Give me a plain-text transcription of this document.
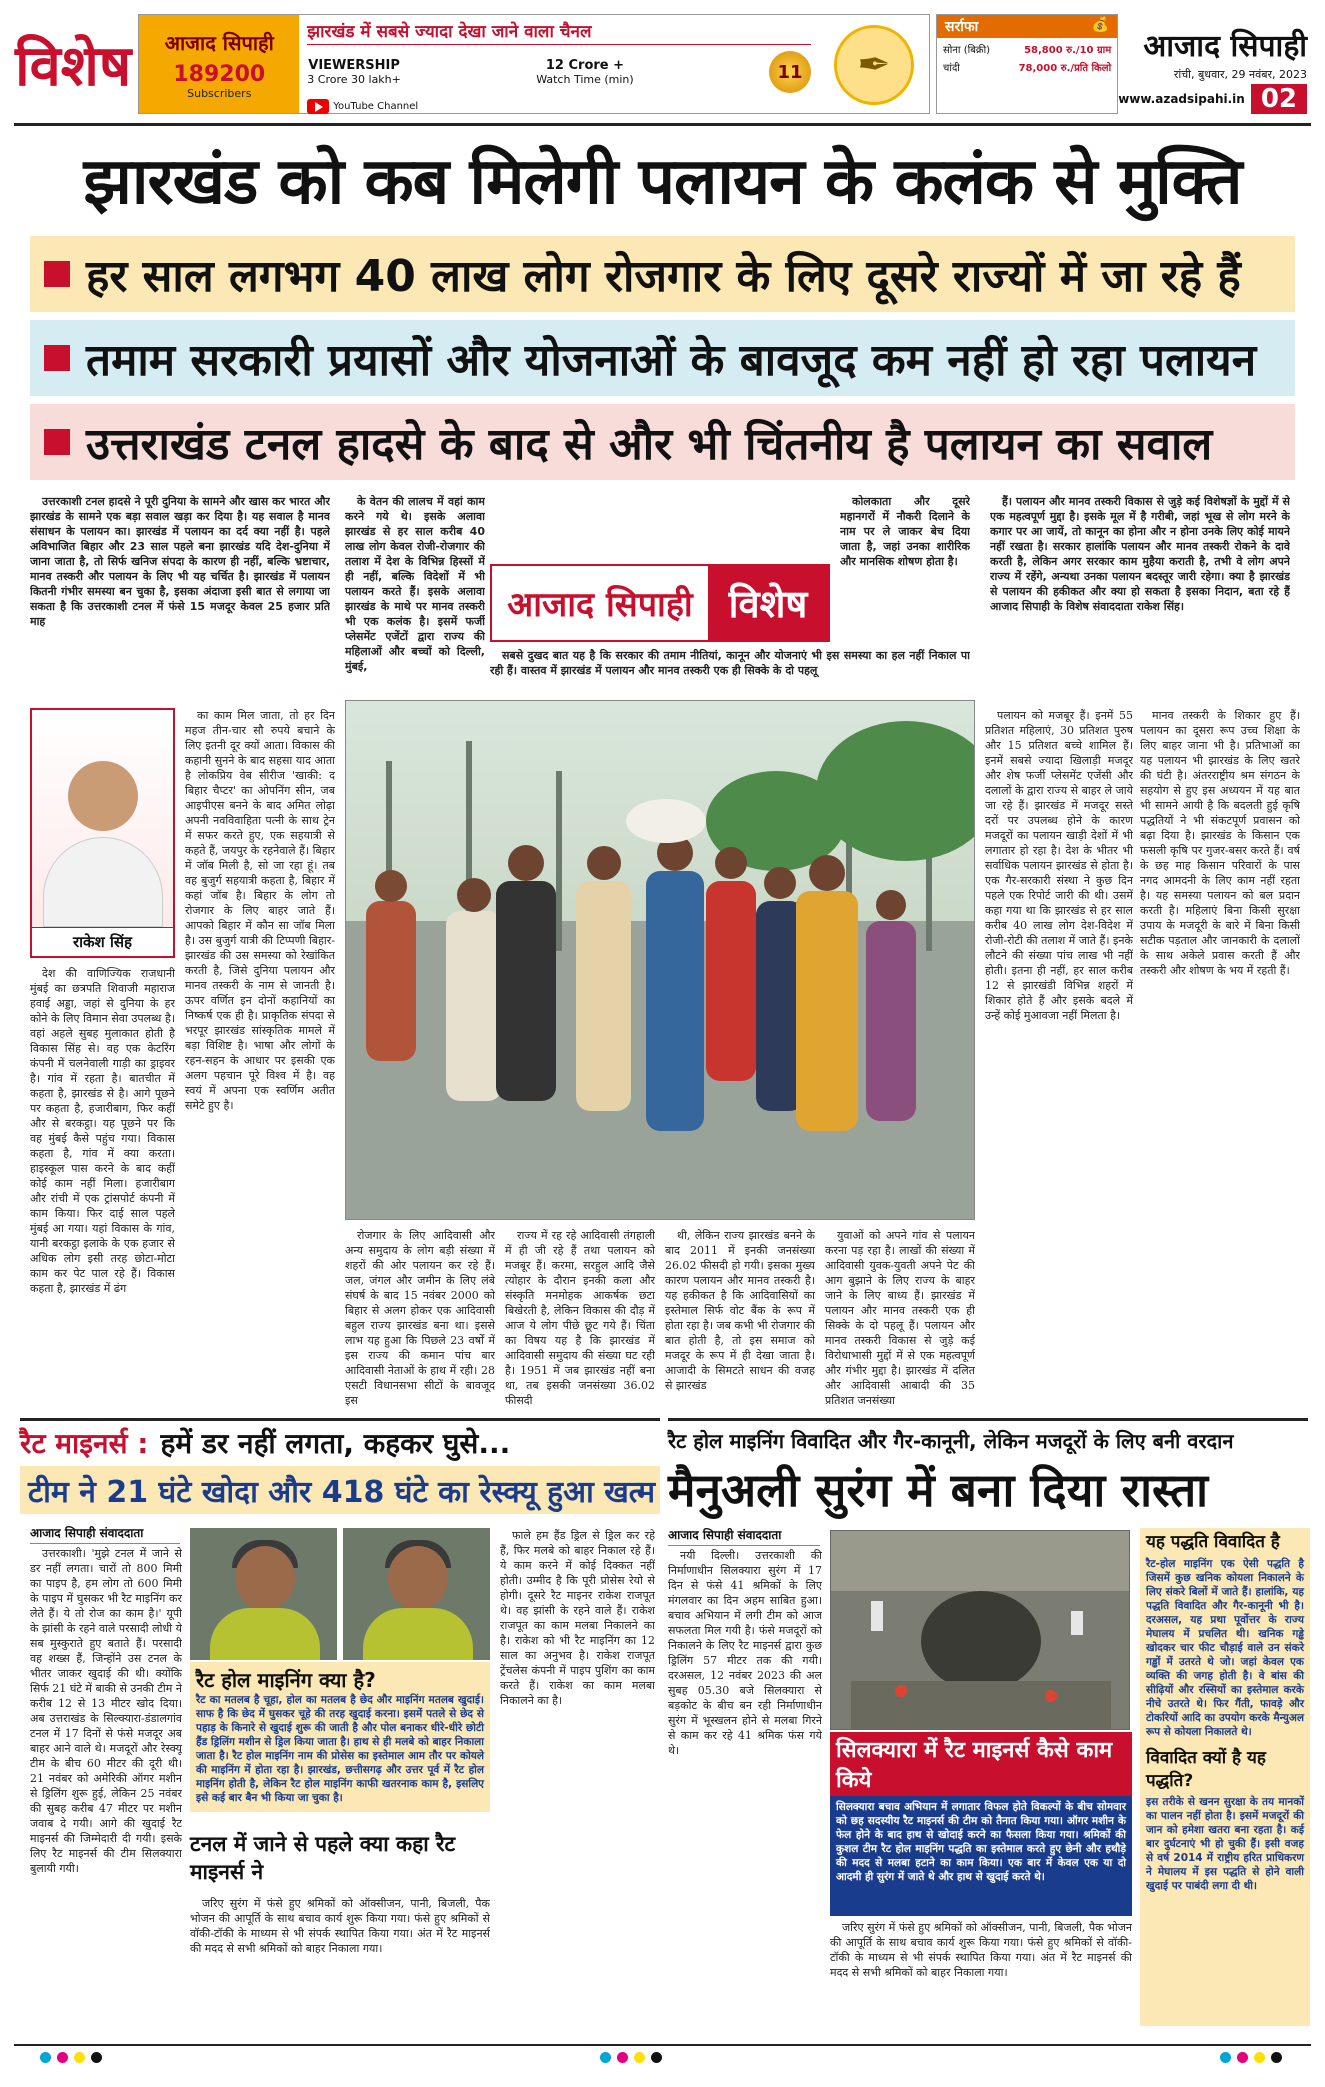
विशेष आजाद सिपाही
189200
Subscribers
झारखंड में सबसे ज्यादा देखा जाने वाला चैनल
VIEWERSHIP
3 Crore 30 lakh+
12 Crore +
Watch Time (min)	11
YouTube Channel
✒
सर्राफा	💰
सोना (बिक्री)	58,800 रु./10 ग्राम
चांदी	78,000 रु./प्रति किलो
आजाद सिपाही
रांची, बुधवार, 29 नवंबर, 2023
www.azadsipahi.in 02
झारखंड को कब मिलेगी पलायन के कलंक से मुक्ति
हर साल लगभग 40 लाख लोग रोजगार के लिए दूसरे राज्यों में जा रहे हैं
तमाम सरकारी प्रयासों और योजनाओं के बावजूद कम नहीं हो रहा पलायन
उत्तराखंड टनल हादसे के बाद से और भी चिंतनीय है पलायन का सवाल

उत्तरकाशी टनल हादसे ने पूरी दुनिया के सामने और खास कर भारत और झारखंड के सामने एक बड़ा सवाल खड़ा कर दिया है। यह सवाल है मानव संसाधन के पलायन का। झारखंड में पलायन का दर्द क्या नहीं है। पहले अविभाजित बिहार और 23 साल पहले बना झारखंड यदि देश-दुनिया में जाना जाता है, तो सिर्फ खनिज संपदा के कारण ही नहीं, बल्कि भ्रष्टाचार, मानव तस्करी और पलायन के लिए भी यह चर्चित है। झारखंड में पलायन कितनी गंभीर समस्या बन चुका है, इसका अंदाजा इसी बात से लगाया जा सकता है कि उत्तरकाशी टनल में फंसे 15 मजदूर केवल 25 हजार प्रति माह

के वेतन की लालच में वहां काम करने गये थे। इसके अलावा झारखंड से हर साल करीब 40 लाख लोग केवल रोजी-रोजगार की तलाश में देश के विभिन्न हिस्सों में ही नहीं, बल्कि विदेशों में भी पलायन करते हैं। इसके अलावा झारखंड के माथे पर मानव तस्करी भी एक कलंक है। इसमें फर्जी प्लेसमेंट एजेंटों द्वारा राज्य की महिलाओं और बच्चों को दिल्ली, मुंबई,

सबसे दुखद बात यह है कि सरकार की तमाम नीतियां, कानून और योजनाएं भी इस समस्या का हल नहीं निकाल पा रही हैं। वास्तव में झारखंड में पलायन और मानव तस्करी एक ही सिक्के के दो पहलू

कोलकाता और दूसरे महानगरों में नौकरी दिलाने के नाम पर ले जाकर बेच दिया जाता है, जहां उनका शारीरिक और मानसिक शोषण होता है।

हैं। पलायन और मानव तस्करी विकास से जुड़े कई विशेषज्ञों के मुद्दों में से एक महत्वपूर्ण मुद्दा है। इसके मूल में है गरीबी, जहां भूख से लोग मरने के कगार पर आ जायें, तो कानून का होना और न होना उनके लिए कोई मायने नहीं रखता है। सरकार हालांकि पलायन और मानव तस्करी रोकने के दावे करती है, लेकिन अगर सरकार काम मुहैया कराती है, तभी वे लोग अपने राज्य में रहेंगे, अन्यथा उनका पलायन बदस्तूर जारी रहेगा। क्या है झारखंड से पलायन की हकीकत और क्या हो सकता है इसका निदान, बता रहे हैं आजाद सिपाही के विशेष संवाददाता राकेश सिंह।

आजाद सिपाही विशेष
राकेश सिंह

देश की वाणिज्यिक राजधानी मुंबई का छत्रपति शिवाजी महाराज हवाई अड्डा, जहां से दुनिया के हर कोने के लिए विमान सेवा उपलब्ध है। वहां अहले सुबह मुलाकात होती है विकास सिंह से। वह एक केटरिंग कंपनी में चलनेवाली गाड़ी का ड्राइवर है। गांव में रहता है। बातचीत में कहता है, झारखंड से है। आगे पूछने पर कहता है, हजारीबाग, फिर कहीं और से बरकट्ठा। यह पूछने पर कि वह मुंबई कैसे पहुंच गया। विकास कहता है, गांव में क्या करता। हाइस्कूल पास करने के बाद कहीं कोई काम नहीं मिला। हजारीबाग और रांची में एक ट्रांसपोर्ट कंपनी में काम किया। फिर दाई साल पहले मुंबई आ गया। यहां विकास के गांव, यानी बरकट्ठा इलाके के एक हजार से अधिक लोग इसी तरह छोटा-मोटा काम कर पेट पाल रहे हैं। विकास कहता है, झारखंड में ढंग

का काम मिल जाता, तो हर दिन महज तीन-चार सौ रुपये बचाने के लिए इतनी दूर क्यों आता। विकास की कहानी सुनने के बाद सहसा याद आता है लोकप्रिय वेब सीरीज 'खाकी: द बिहार चैप्टर' का ओपनिंग सीन, जब आइपीएस बनने के बाद अमित लोढ़ा अपनी नवविवाहिता पत्नी के साथ ट्रेन में सफर करते हुए, एक सहयात्री से कहते हैं, जयपुर के रहनेवाले हैं। बिहार में जॉब मिली है, सो जा रहा हूं। तब वह बुजुर्ग सहयात्री कहता है, बिहार में कहां जॉब है। बिहार के लोग तो रोजगार के लिए बाहर जाते हैं। आपको बिहार में कौन सा जॉब मिला है। उस बुजुर्ग यात्री की टिप्पणी बिहार-झारखंड की उस समस्या को रेखांकित करती है, जिसे दुनिया पलायन और मानव तस्करी के नाम से जानती है। ऊपर वर्णित इन दोनों कहानियों का निष्कर्ष एक ही है। प्राकृतिक संपदा से भरपूर झारखंड सांस्कृतिक मामले में बड़ा विशिष्ट है। भाषा और लोगों के रहन-सहन के आधार पर इसकी एक अलग पहचान पूरे विश्व में है। वह स्वयं में अपना एक स्वर्णिम अतीत समेटे हुए है।

पलायन को मजबूर हैं। इनमें 55 प्रतिशत महिलाएं, 30 प्रतिशत पुरुष और 15 प्रतिशत बच्चे शामिल हैं। इनमें सबसे ज्यादा खिलाड़ी मजदूर और शेष फर्जी प्लेसमेंट एजेंसी और दलालों के द्वारा राज्य से बाहर ले जाये जा रहे हैं। झारखंड में मजदूर सस्ते दरों पर उपलब्ध होने के कारण मजदूरों का पलायन खाड़ी देशों में भी लगातार हो रहा है। देश के भीतर भी सर्वाधिक पलायन झारखंड से होता है। एक गैर-सरकारी संस्था ने कुछ दिन पहले एक रिपोर्ट जारी की थी। उसमें कहा गया था कि झारखंड से हर साल करीब 40 लाख लोग देश-विदेश में रोजी-रोटी की तलाश में जाते हैं। इनके लौटने की संख्या पांच लाख भी नहीं होती। इतना ही नहीं, हर साल करीब 12 से झारखंडी विभिन्न शहरों में शिकार होते हैं और इसके बदले में उन्हें कोई मुआवजा नहीं मिलता है।

मानव तस्करी के शिकार हुए हैं। पलायन का दूसरा रूप उच्च शिक्षा के लिए बाहर जाना भी है। प्रतिभाओं का यह पलायन भी झारखंड के लिए खतरे की घंटी है। अंतरराष्ट्रीय श्रम संगठन के सहयोग से हुए इस अध्ययन में यह बात भी सामने आयी है कि बदलती हुई कृषि पद्धतियों ने भी संकटपूर्ण प्रवासन को बढ़ा दिया है। झारखंड के किसान एक फसली कृषि पर गुजर-बसर करते हैं। वर्ष के छह माह किसान परिवारों के पास नगद आमदनी के लिए काम नहीं रहता है। यह समस्या पलायन को बल प्रदान करती है। महिलाएं बिना किसी सुरक्षा उपाय के मजदूरी के बारे में बिना किसी सटीक पड़ताल और जानकारी के दलालों के साथ अकेले प्रवास करती हैं और तस्करी और शोषण के भय में रहती हैं।

रोजगार के लिए आदिवासी और अन्य समुदाय के लोग बड़ी संख्या में शहरों की ओर पलायन कर रहे हैं। जल, जंगल और जमीन के लिए लंबे संघर्ष के बाद 15 नवंबर 2000 को बिहार से अलग होकर एक आदिवासी बहुल राज्य झारखंड बना था। इससे लाभ यह हुआ कि पिछले 23 वर्षों में इस राज्य की कमान पांच बार आदिवासी नेताओं के हाथ में रही। 28 एसटी विधानसभा सीटों के बावजूद इस

राज्य में रह रहे आदिवासी तंगहाली में ही जी रहे हैं तथा पलायन को मजबूर हैं। करमा, सरहुल आदि जैसे त्योहार के दौरान इनकी कला और संस्कृति मनमोहक आकर्षक छटा बिखेरती है, लेकिन विकास की दौड़ में आज ये लोग पीछे छूट गये हैं। चिंता का विषय यह है कि झारखंड में आदिवासी समुदाय की संख्या घट रही है। 1951 में जब झारखंड नहीं बना था, तब इसकी जनसंख्या 36.02 फीसदी

थी, लेकिन राज्य झारखंड बनने के बाद 2011 में इनकी जनसंख्या 26.02 फीसदी हो गयी। इसका मुख्य कारण पलायन और मानव तस्करी है। यह हकीकत है कि आदिवासियों का इस्तेमाल सिर्फ वोट बैंक के रूप में होता रहा है। जब कभी भी रोजगार की बात होती है, तो इस समाज को मजदूर के रूप में ही देखा जाता है। आजादी के सिमटते साधन की वजह से झारखंड

युवाओं को अपने गांव से पलायन करना पड़ रहा है। लाखों की संख्या में आदिवासी युवक-युवती अपने पेट की आग बुझाने के लिए राज्य के बाहर जाने के लिए बाध्य हैं। झारखंड में पलायन और मानव तस्करी एक ही सिक्के के दो पहलू हैं। पलायन और मानव तस्करी विकास से जुड़े कई विरोधाभासी मुद्दों में से एक महत्वपूर्ण और गंभीर मुद्दा है। झारखंड में दलित और आदिवासी आबादी की 35 प्रतिशत जनसंख्या

रैट माइनर्स : हमें डर नहीं लगता, कहकर घुसे...
टीम ने 21 घंटे खोदा और 418 घंटे का रेस्क्यू हुआ खत्म
रैट होल माइनिंग विवादित और गैर-कानूनी, लेकिन मजदूरों के लिए बनी वरदान
मैनुअली सुरंग में बना दिया रास्ता
आजाद सिपाही संवाददाता

उत्तरकाशी। 'मुझे टनल में जाने से डर नहीं लगता। चारों तो 800 मिमी का पाइप है, हम लोग तो 600 मिमी के पाइप में घुसकर भी रैट माइनिंग कर लेते हैं। ये तो रोज का काम है।' यूपी के झांसी के रहने वाले परसादी लोधी ये सब मुस्कुराते हुए बताते हैं। परसादी वह शख्स हैं, जिन्होंने उस टनल के भीतर जाकर खुदाई की थी। क्योंकि सिर्फ 21 घंटे में बाकी से उनकी टीम ने करीब 12 से 13 मीटर खोद दिया। अब उत्तराखंड के सिल्क्यारा-डंडालगांव टनल में 17 दिनों से फंसे मजदूर अब बाहर आने वाले थे। मजदूरों और रेस्क्यू टीम के बीच 60 मीटर की दूरी थी। 21 नवंबर को अमेरिकी ऑगर मशीन से ड्रिलिंग शुरू हुई, लेकिन 25 नवंबर की सुबह करीब 47 मीटर पर मशीन जवाब दे गयी। आगे की खुदाई रैट माइनर्स की जिम्मेदारी दी गयी। इसके लिए रैट माइनर्स की टीम सिलक्यारा बुलायी गयी।

फाले हम हैंड ड्रिल से ड्रिल कर रहे हैं, फिर मलबे को बाहर निकाल रहे हैं। ये काम करने में कोई दिक्कत नहीं होती। उम्मीद है कि पूरी प्रोसेस रेयो से होगी। दूसरे रैट माइनर राकेश राजपूत थे। वह झांसी के रहने वाले हैं। राकेश राजपूत का काम मलबा निकालने का है। राकेश को भी रैट माइनिंग का 12 साल का अनुभव है। राकेश राजपूत ट्रेंचलेस कंपनी में पाइप पुशिंग का काम करते हैं। राकेश का काम मलबा निकालने का है।

रैट होल माइनिंग क्या है?
रैट का मतलब है चूहा, होल का मतलब है छेद और माइनिंग मतलब खुदाई। साफ है कि छेद में घुसकर चूहे की तरह खुदाई करना। इसमें पतले से छेद से पहाड़ के किनारे से खुदाई शुरू की जाती है और पोल बनाकर धीरे-धीरे छोटी हैंड ड्रिलिंग मशीन से ड्रिल किया जाता है। हाथ से ही मलबे को बाहर निकाला जाता है। रैट होल माइनिंग नाम की प्रोसेस का इस्तेमाल आम तौर पर कोयले की माइनिंग में होता रहा है। झारखंड, छत्तीसगढ़ और उत्तर पूर्व में रैट होल माइनिंग होती है, लेकिन रैट होल माइनिंग काफी खतरनाक काम है, इसलिए इसे कई बार बैन भी किया जा चुका है।
टनल में जाने से पहले क्या कहा रैट माइनर्स ने

जरिए सुरंग में फंसे हुए श्रमिकों को ऑक्सीजन, पानी, बिजली, पैक भोजन की आपूर्ति के साथ बचाव कार्य शुरू किया गया। फंसे हुए श्रमिकों से वॉकी-टॉकी के माध्यम से भी संपर्क स्थापित किया गया। अंत में रैट माइनर्स की मदद से सभी श्रमिकों को बाहर निकाला गया।

आजाद सिपाही संवाददाता

नयी दिल्ली। उत्तरकाशी की निर्माणाधीन सिलक्यारा सुरंग में 17 दिन से फंसे 41 श्रमिकों के लिए मंगलवार का दिन अहम साबित हुआ। बचाव अभियान में लगी टीम को आज सफलता मिल गयी है। फंसे मजदूरों को निकालने के लिए रैट माइनर्स द्वारा कुछ ड्रिलिंग 57 मीटर तक की गयी। दरअसल, 12 नवंबर 2023 की अल सुबह 05.30 बजे सिलक्यारा से बड़कोट के बीच बन रही निर्माणाधीन सुरंग में भूस्खलन होने से मलबा गिरने से काम कर रहे 41 श्रमिक फंस गये थे।	सिलक्यारा में रैट माइनर्स कैसे काम किये
सिलक्यारा बचाव अभियान में लगातार विफल होते विकल्पों के बीच सोमवार को छह सदस्यीय रैट माइनर्स की टीम को तैनात किया गया। ऑगर मशीन के फेल होने के बाद हाथ से खोदाई करने का फैसला किया गया। श्रमिकों की कुशल टीम रैट होल माइनिंग पद्धति का इस्तेमाल करते हुए छेनी और हथौड़े की मदद से मलबा हटाने का काम किया। एक बार में केवल एक या दो आदमी ही सुरंग में जाते थे और हाथ से खुदाई करते थे।

जरिए सुरंग में फंसे हुए श्रमिकों को ऑक्सीजन, पानी, बिजली, पैक भोजन की आपूर्ति के साथ बचाव कार्य शुरू किया गया। फंसे हुए श्रमिकों से वॉकी-टॉकी के माध्यम से भी संपर्क स्थापित किया गया। अंत में रैट माइनर्स की मदद से सभी श्रमिकों को बाहर निकाला गया।

यह पद्धति विवादित है
रैट-होल माइनिंग एक ऐसी पद्धति है जिसमें कुछ खनिक कोयला निकालने के लिए संकरे बिलों में जाते हैं। हालांकि, यह पद्धति विवादित और गैर-कानूनी भी है। दरअसल, यह प्रथा पूर्वोत्तर के राज्य मेघालय में प्रचलित थी। खनिक गड्ढे खोदकर चार फीट चौड़ाई वाले उन संकरे गड्ढों में उतरते थे जो। जहां केवल एक व्यक्ति की जगह होती है। वे बांस की सीढ़ियों और रस्सियों का इस्तेमाल करके नीचे उतरते थे। फिर गैंती, फावड़े और टोकरियों आदि का उपयोग करके मैन्युअल रूप से कोयला निकालते थे।
विवादित क्यों है यह पद्धति?
इस तरीके से खनन सुरक्षा के तय मानकों का पालन नहीं होता है। इसमें मजदूरों की जान को हमेशा खतरा बना रहता है। कई बार दुर्घटनाएं भी हो चुकी हैं। इसी वजह से वर्ष 2014 में राष्ट्रीय हरित प्राधिकरण ने मेघालय में इस पद्धति से होने वाली खुदाई पर पाबंदी लगा दी थी।
